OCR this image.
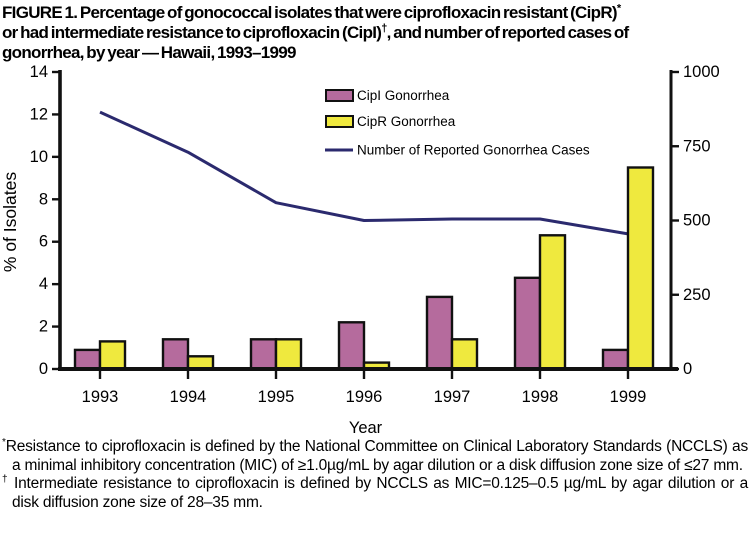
FIGURE 1. Percentage of gonococcal isolates that were ciprofloxacin resistant (CipR)*
or had intermediate resistance to ciprofloxacin (CipI)†, and number of reported cases of
gonorrhea, by year — Hawaii, 1993–1999
0
2
4
6
8
10
12
14
0
250
500
750
1000
1993	1994	1995	1996	1997	1998	1999
Year
% of Isolates
CipI Gonorrhea
CipR Gonorrhea
Number of Reported Gonorrhea Cases

*Resistance to ciprofloxacin is defined by the National Committee on Clinical Laboratory Standards (NCCLS) as a minimal inhibitory concentration (MIC) of ≥1.0µg/mL by agar dilution or a disk diffusion zone size of ≤27 mm.

† Intermediate resistance to ciprofloxacin is defined by NCCLS as MIC=0.125–0.5 µg/mL by agar dilution or a disk diffusion zone size of 28–35 mm.
